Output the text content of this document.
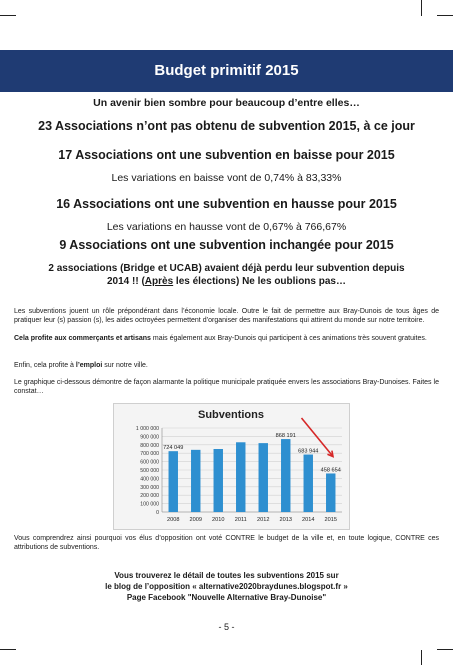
Budget primitif 2015
Un avenir bien sombre pour beaucoup d’entre elles…
23 Associations n’ont pas obtenu de subvention 2015, à ce jour
17 Associations ont une subvention en baisse pour 2015
Les variations en baisse vont de 0,74% à 83,33%
16 Associations ont une subvention en hausse pour 2015
Les variations en hausse vont de 0,67% à 766,67%
9 Associations ont une subvention inchangée pour 2015
2 associations (Bridge et UCAB) avaient déjà perdu leur subvention depuis
2014 !! (Après les élections) Ne les oublions pas…
Les subventions jouent un rôle prépondérant dans l’économie locale. Outre le fait de permettre aux Bray-Dunois de tous âges de pratiquer leur (s) passion (s), les aides octroyées permettent d’organiser des manifestations qui attirent du monde sur notre territoire.
Cela profite aux commerçants et artisans mais également aux Bray-Dunois qui participent à ces animations très souvent gratuites.
Enfin, cela profite à l’emploi sur notre ville.
Le graphique ci-dessous démontre de façon alarmante la politique municipale pratiquée envers les associations Bray-Dunoises. Faites le constat…
Subventions
0
100 000
200 000
300 000
400 000
500 000
600 000
700 000
800 000
900 000
1 000 000
2008
724 049
2009 2010 2011 2012 2013
868 191
2014
683 944
2015
458 654
Vous comprendrez ainsi pourquoi vos élus d’opposition ont voté CONTRE le budget de la ville et, en toute logique, CONTRE ces attributions de subventions.
Vous trouverez le détail de toutes les subventions 2015 sur
le blog de l’opposition « alternative2020braydunes.blogspot.fr »
Page Facebook "Nouvelle Alternative Bray-Dunoise"
- 5 -
